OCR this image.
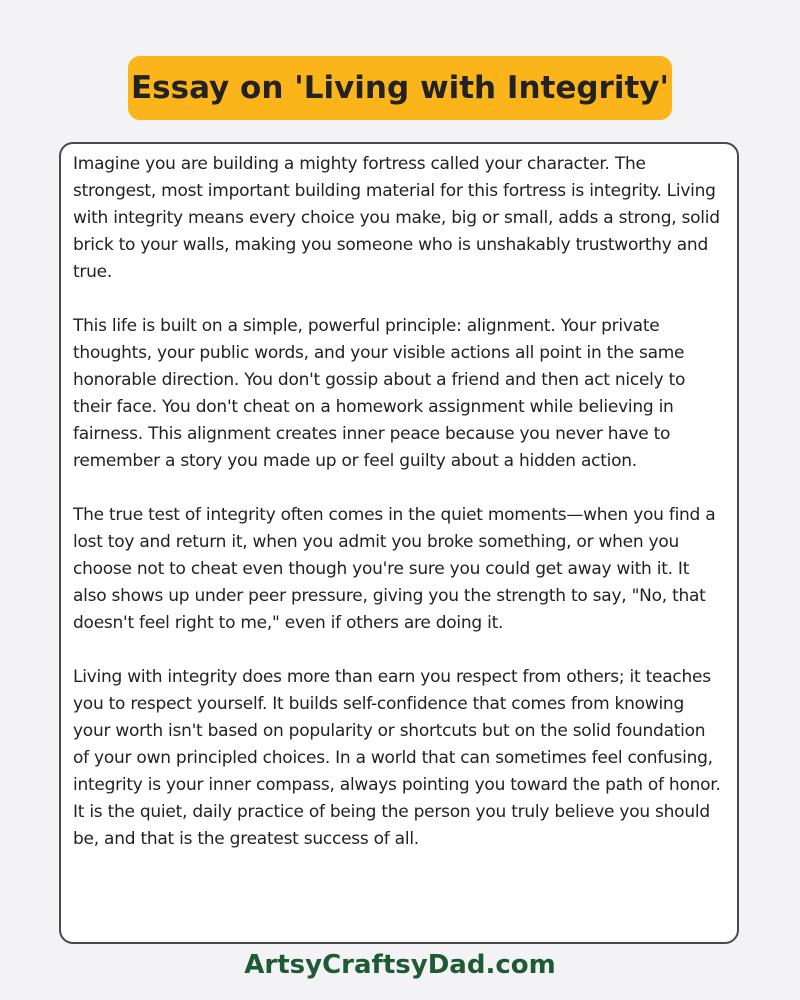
Essay on 'Living with Integrity'

Imagine you are building a mighty fortress called your character. The strongest, most important building material for this fortress is integrity. Living with integrity means every choice you make, big or small, adds a strong, solid brick to your walls, making you someone who is unshakably trustworthy and true.

This life is built on a simple, powerful principle: alignment. Your private thoughts, your public words, and your visible actions all point in the same honorable direction. You don't gossip about a friend and then act nicely to their face. You don't cheat on a homework assignment while believing in fairness. This alignment creates inner peace because you never have to remember a story you made up or feel guilty about a hidden action.

The true test of integrity often comes in the quiet moments—when you find a lost toy and return it, when you admit you broke something, or when you choose not to cheat even though you're sure you could get away with it. It also shows up under peer pressure, giving you the strength to say, "No, that doesn't feel right to me," even if others are doing it.

Living with integrity does more than earn you respect from others; it teaches you to respect yourself. It builds self-confidence that comes from knowing your worth isn't based on popularity or shortcuts but on the solid foundation of your own principled choices. In a world that can sometimes feel confusing, integrity is your inner compass, always pointing you toward the path of honor. It is the quiet, daily practice of being the person you truly believe you should be, and that is the greatest success of all.

ArtsyCraftsyDad.com
